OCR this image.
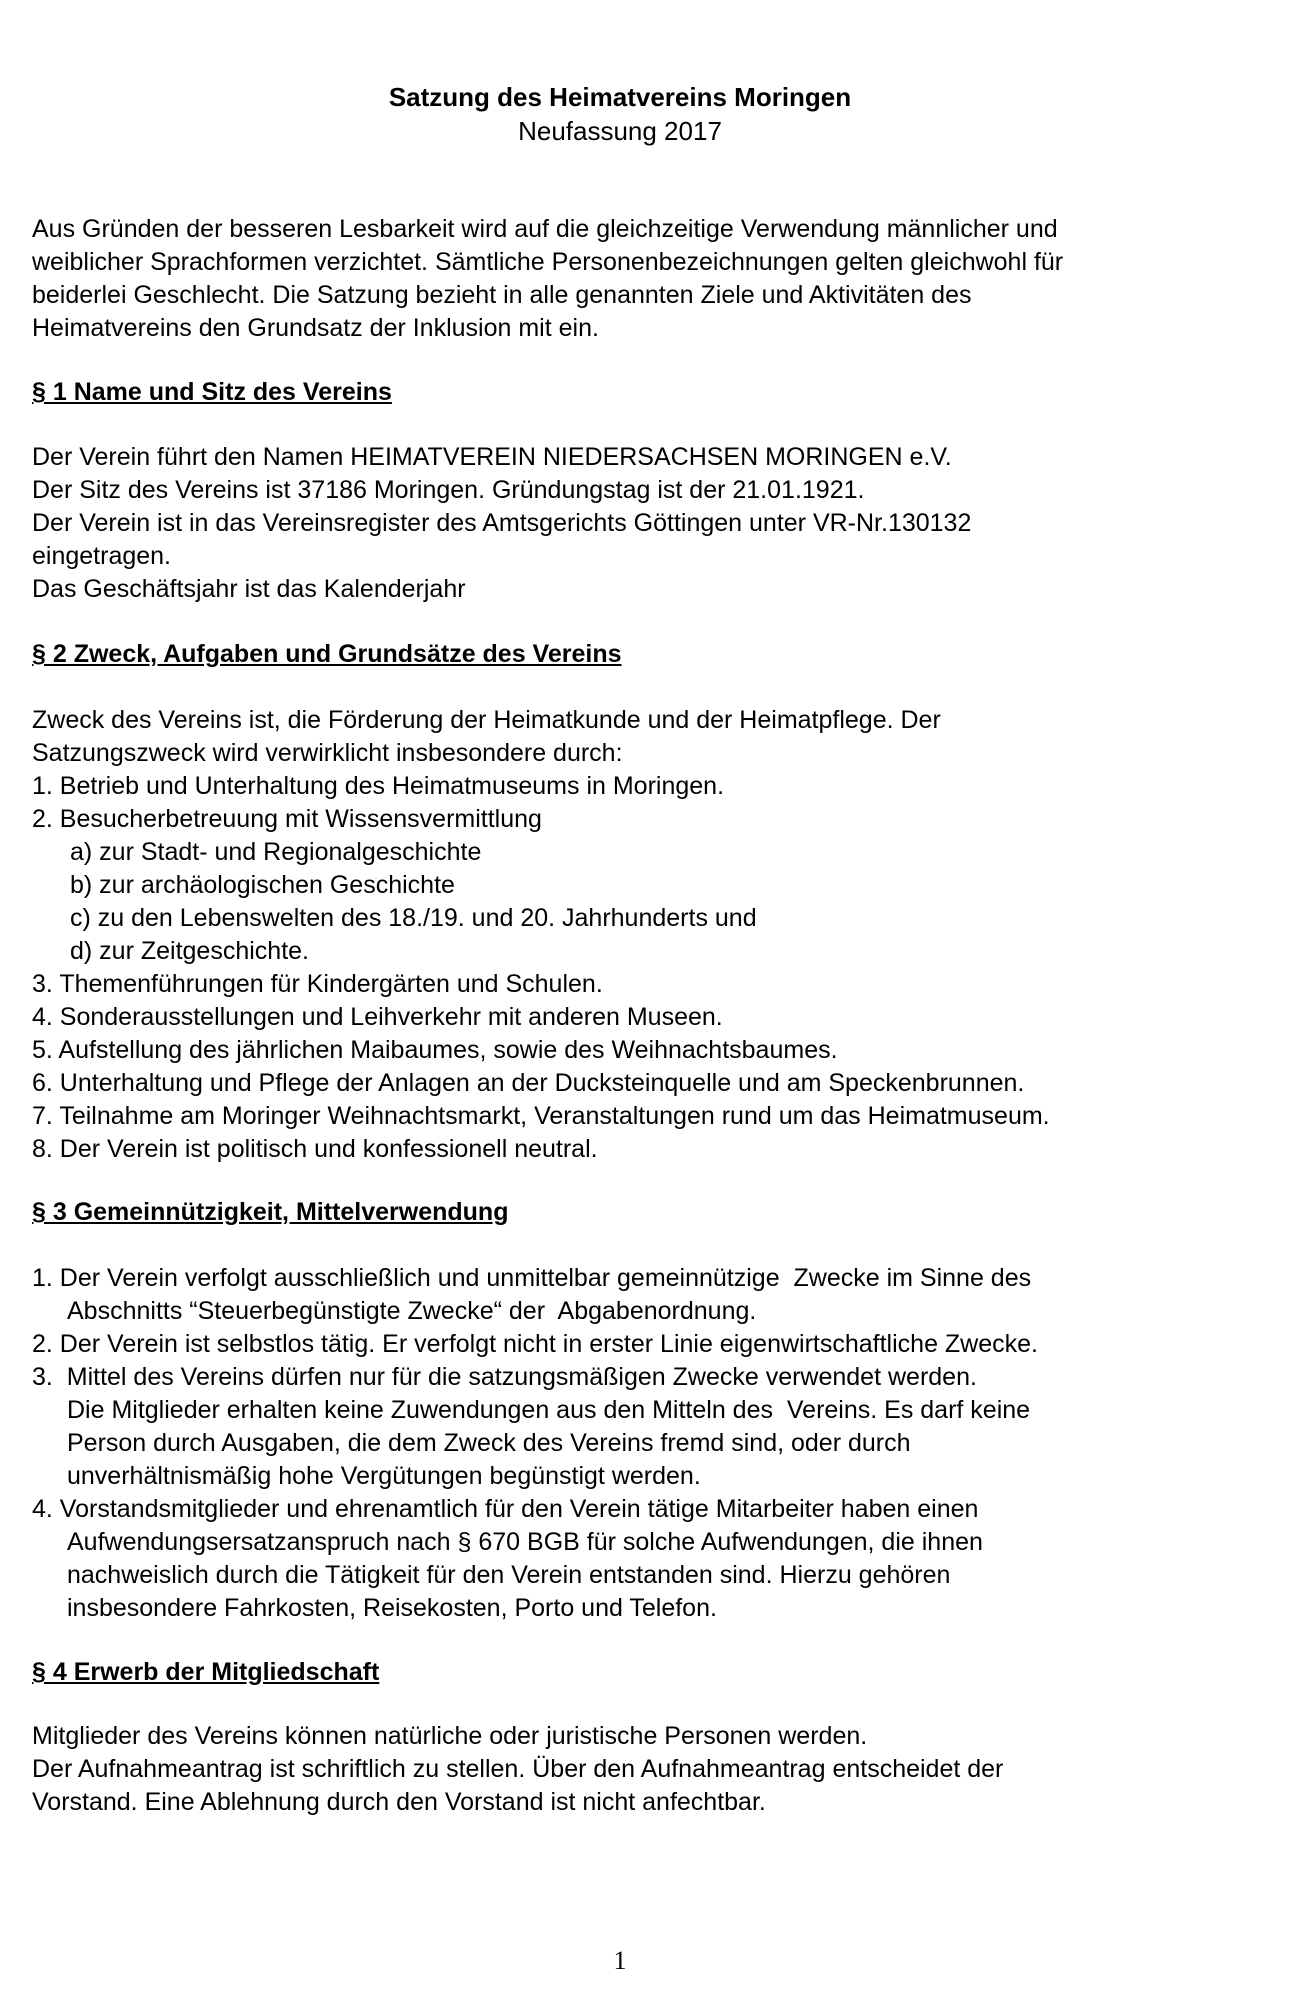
Satzung des Heimatvereins Moringen
Neufassung 2017

Aus Gründen der besseren Lesbarkeit wird auf die gleichzeitige Verwendung männlicher und

weiblicher Sprachformen verzichtet. Sämtliche Personenbezeichnungen gelten gleichwohl für

beiderlei Geschlecht. Die Satzung bezieht in alle genannten Ziele und Aktivitäten des

Heimatvereins den Grundsatz der Inklusion mit ein.

§ 1 Name und Sitz des Vereins

Der Verein führt den Namen HEIMATVEREIN NIEDERSACHSEN MORINGEN e.V.

Der Sitz des Vereins ist 37186 Moringen. Gründungstag ist der 21.01.1921.

Der Verein ist in das Vereinsregister des Amtsgerichts Göttingen unter VR-Nr.130132

eingetragen.

Das Geschäftsjahr ist das Kalenderjahr

§ 2 Zweck, Aufgaben und Grundsätze des Vereins

Zweck des Vereins ist, die Förderung der Heimatkunde und der Heimatpflege. Der

Satzungszweck wird verwirklicht insbesondere durch:

1. Betrieb und Unterhaltung des Heimatmuseums in Moringen.

2. Besucherbetreuung mit Wissensvermittlung

a) zur Stadt- und Regionalgeschichte

b) zur archäologischen Geschichte

c) zu den Lebenswelten des 18./19. und 20. Jahrhunderts und

d) zur Zeitgeschichte.

3. Themenführungen für Kindergärten und Schulen.

4. Sonderausstellungen und Leihverkehr mit anderen Museen.

5. Aufstellung des jährlichen Maibaumes, sowie des Weihnachtsbaumes.

6. Unterhaltung und Pflege der Anlagen an der Ducksteinquelle und am Speckenbrunnen.

7. Teilnahme am Moringer Weihnachtsmarkt, Veranstaltungen rund um das Heimatmuseum.

8. Der Verein ist politisch und konfessionell neutral.

§ 3 Gemeinnützigkeit, Mittelverwendung

1. Der Verein verfolgt ausschließlich und unmittelbar gemeinnützige  Zwecke im Sinne des

Abschnitts “Steuerbegünstigte Zwecke“ der  Abgabenordnung.

2. Der Verein ist selbstlos tätig. Er verfolgt nicht in erster Linie eigenwirtschaftliche Zwecke.

3.  Mittel des Vereins dürfen nur für die satzungsmäßigen Zwecke verwendet werden.

Die Mitglieder erhalten keine Zuwendungen aus den Mitteln des  Vereins. Es darf keine

Person durch Ausgaben, die dem Zweck des Vereins fremd sind, oder durch

unverhältnismäßig hohe Vergütungen begünstigt werden.

4. Vorstandsmitglieder und ehrenamtlich für den Verein tätige Mitarbeiter haben einen

Aufwendungsersatzanspruch nach § 670 BGB für solche Aufwendungen, die ihnen

nachweislich durch die Tätigkeit für den Verein entstanden sind. Hierzu gehören

insbesondere Fahrkosten, Reisekosten, Porto und Telefon.

§ 4 Erwerb der Mitgliedschaft

Mitglieder des Vereins können natürliche oder juristische Personen werden.

Der Aufnahmeantrag ist schriftlich zu stellen. Über den Aufnahmeantrag entscheidet der

Vorstand. Eine Ablehnung durch den Vorstand ist nicht anfechtbar.

1
